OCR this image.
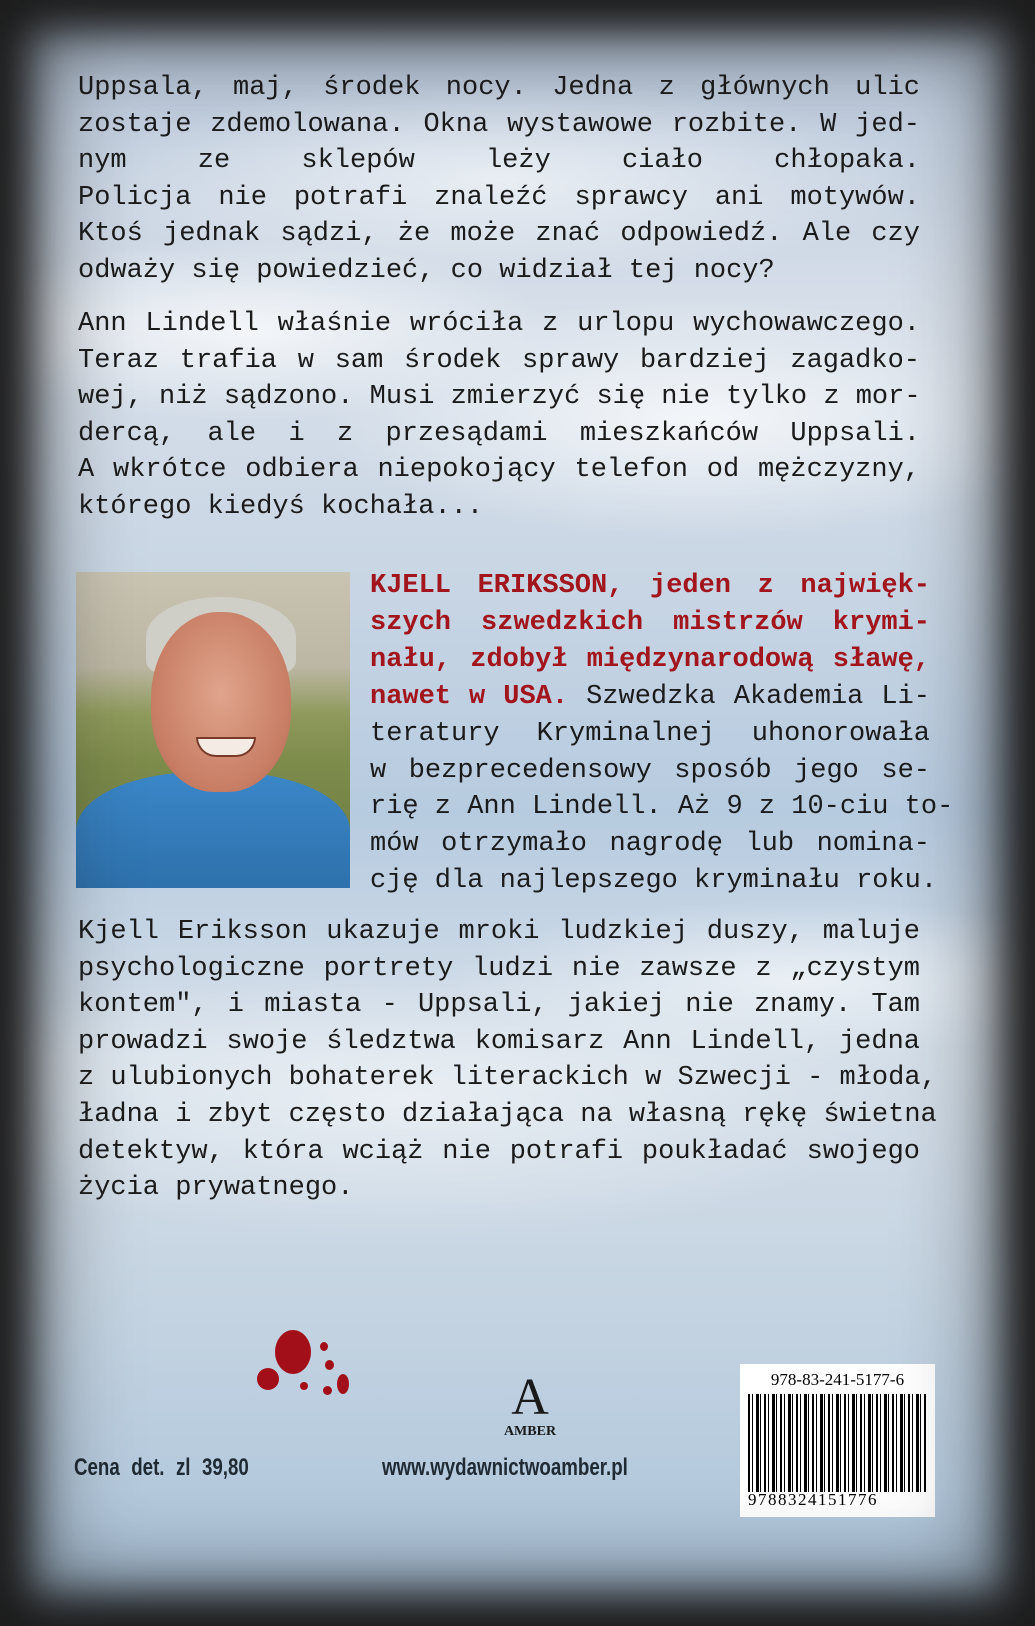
Uppsala, maj, środek nocy. Jedna z głównych ulic
zostaje zdemolowana. Okna wystawowe rozbite. W jed-
nym ze sklepów leży ciało chłopaka.
Policja nie potrafi znaleźć sprawcy ani motywów.
Ktoś jednak sądzi, że może znać odpowiedź. Ale czy
odważy się powiedzieć, co widział tej nocy?
Ann Lindell właśnie wróciła z urlopu wychowawczego.
Teraz trafia w sam środek sprawy bardziej zagadko-
wej, niż sądzono. Musi zmierzyć się nie tylko z mor-
dercą, ale i z przesądami mieszkańców Uppsali.
A wkrótce odbiera niepokojący telefon od mężczyzny,
którego kiedyś kochała...
KJELL ERIKSSON, jeden z najwięk-
szych szwedzkich mistrzów krymi-
nału, zdobył międzynarodową sławę,
nawet w USA. Szwedzka Akademia Li-
teratury Kryminalnej uhonorowała
w bezprecedensowy sposób jego se-
rię z Ann Lindell. Aż 9 z 10-ciu to-
mów otrzymało nagrodę lub nomina-
cję dla najlepszego kryminału roku.
Kjell Eriksson ukazuje mroki ludzkiej duszy, maluje
psychologiczne portrety ludzi nie zawsze z „czystym
kontem", i miasta - Uppsali, jakiej nie znamy. Tam
prowadzi swoje śledztwa komisarz Ann Lindell, jedna
z ulubionych bohaterek literackich w Szwecji - młoda,
ładna i zbyt często działająca na własną rękę świetna
detektyw, która wciąż nie potrafi poukładać swojego
życia prywatnego.
A
AMBER
Cena det. zl 39,80	www.wydawnictwoamber.pl
978-83-241-5177-6
9788324151776
